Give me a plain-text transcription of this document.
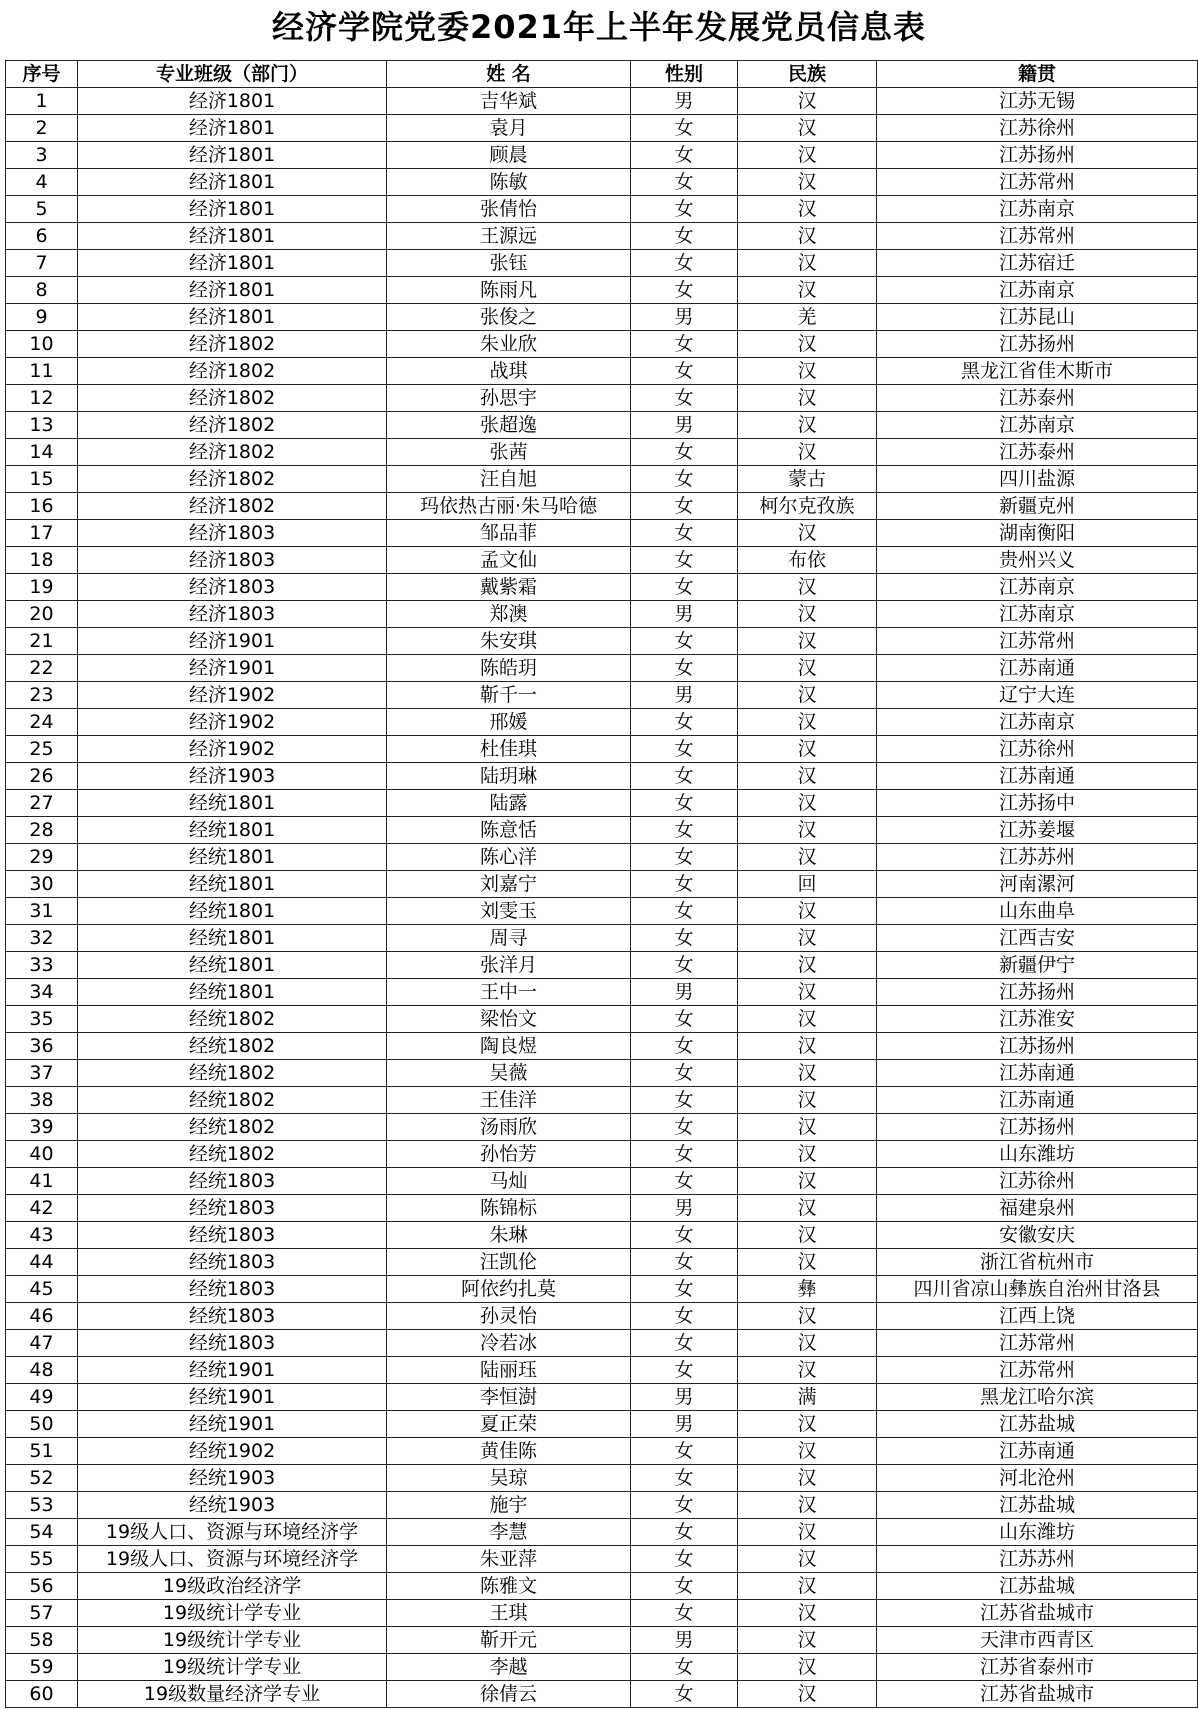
经济学院党委2021年上半年发展党员信息表
序号	专业班级（部门）	姓 名	性别	民族	籍贯
1	经济1801	吉华斌	男	汉	江苏无锡
2	经济1801	袁月	女	汉	江苏徐州
3	经济1801	顾晨	女	汉	江苏扬州
4	经济1801	陈敏	女	汉	江苏常州
5	经济1801	张倩怡	女	汉	江苏南京
6	经济1801	王源远	女	汉	江苏常州
7	经济1801	张钰	女	汉	江苏宿迁
8	经济1801	陈雨凡	女	汉	江苏南京
9	经济1801	张俊之	男	羌	江苏昆山
10	经济1802	朱业欣	女	汉	江苏扬州
11	经济1802	战琪	女	汉	黑龙江省佳木斯市
12	经济1802	孙思宇	女	汉	江苏泰州
13	经济1802	张超逸	男	汉	江苏南京
14	经济1802	张茜	女	汉	江苏泰州
15	经济1802	汪自旭	女	蒙古	四川盐源
16	经济1802	玛依热古丽·朱马哈德	女	柯尔克孜族	新疆克州
17	经济1803	邹品菲	女	汉	湖南衡阳
18	经济1803	孟文仙	女	布依	贵州兴义
19	经济1803	戴紫霜	女	汉	江苏南京
20	经济1803	郑澳	男	汉	江苏南京
21	经济1901	朱安琪	女	汉	江苏常州
22	经济1901	陈皓玥	女	汉	江苏南通
23	经济1902	靳千一	男	汉	辽宁大连
24	经济1902	邢媛	女	汉	江苏南京
25	经济1902	杜佳琪	女	汉	江苏徐州
26	经济1903	陆玥琳	女	汉	江苏南通
27	经统1801	陆露	女	汉	江苏扬中
28	经统1801	陈意恬	女	汉	江苏姜堰
29	经统1801	陈心洋	女	汉	江苏苏州
30	经统1801	刘嘉宁	女	回	河南漯河
31	经统1801	刘雯玉	女	汉	山东曲阜
32	经统1801	周寻	女	汉	江西吉安
33	经统1801	张洋月	女	汉	新疆伊宁
34	经统1801	王中一	男	汉	江苏扬州
35	经统1802	梁怡文	女	汉	江苏淮安
36	经统1802	陶良煜	女	汉	江苏扬州
37	经统1802	吴薇	女	汉	江苏南通
38	经统1802	王佳洋	女	汉	江苏南通
39	经统1802	汤雨欣	女	汉	江苏扬州
40	经统1802	孙怡芳	女	汉	山东潍坊
41	经统1803	马灿	女	汉	江苏徐州
42	经统1803	陈锦标	男	汉	福建泉州
43	经统1803	朱琳	女	汉	安徽安庆
44	经统1803	汪凯伦	女	汉	浙江省杭州市
45	经统1803	阿依约扎莫	女	彝	四川省凉山彝族自治州甘洛县
46	经统1803	孙灵怡	女	汉	江西上饶
47	经统1803	冷若冰	女	汉	江苏常州
48	经统1901	陆丽珏	女	汉	江苏常州
49	经统1901	李恒澍	男	满	黑龙江哈尔滨
50	经统1901	夏正荣	男	汉	江苏盐城
51	经统1902	黄佳陈	女	汉	江苏南通
52	经统1903	吴琼	女	汉	河北沧州
53	经统1903	施宇	女	汉	江苏盐城
54	19级人口、资源与环境经济学	李慧	女	汉	山东潍坊
55	19级人口、资源与环境经济学	朱亚萍	女	汉	江苏苏州
56	19级政治经济学	陈雅文	女	汉	江苏盐城
57	19级统计学专业	王琪	女	汉	江苏省盐城市
58	19级统计学专业	靳开元	男	汉	天津市西青区
59	19级统计学专业	李越	女	汉	江苏省泰州市
60	19级数量经济学专业	徐倩云	女	汉	江苏省盐城市
